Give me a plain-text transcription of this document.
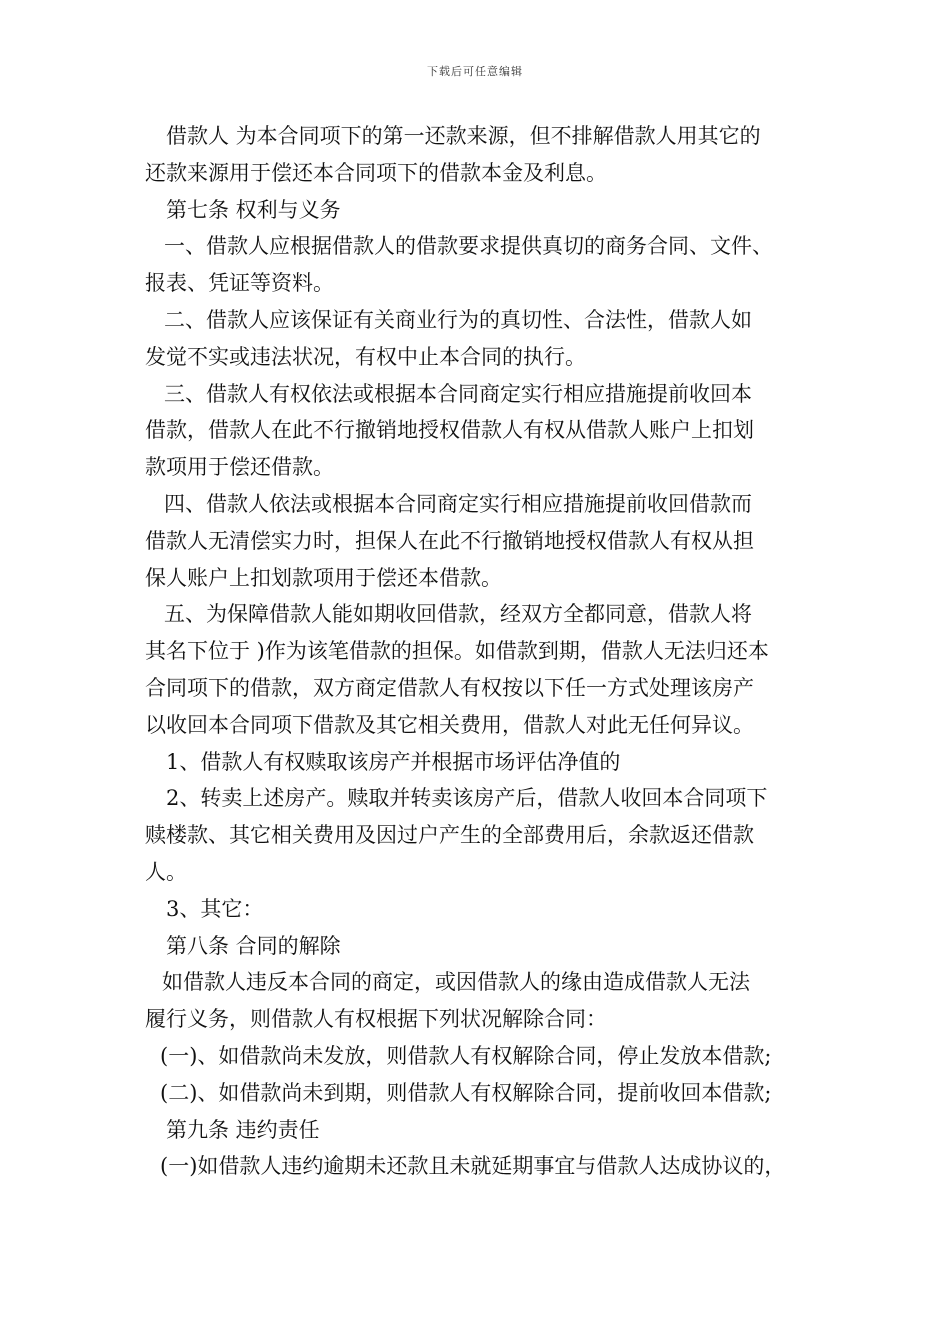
下载后可任意编辑
借款人 为本合同项下的第一还款来源，但不排解借款人用其它的
还款来源用于偿还本合同项下的借款本金及利息。
第七条 权利与义务
一、借款人应根据借款人的借款要求提供真切的商务合同、文件、
报表、凭证等资料。
二、借款人应该保证有关商业行为的真切性、合法性，借款人如
发觉不实或违法状况，有权中止本合同的执行。
三、借款人有权依法或根据本合同商定实行相应措施提前收回本
借款，借款人在此不行撤销地授权借款人有权从借款人账户上扣划
款项用于偿还借款。
四、借款人依法或根据本合同商定实行相应措施提前收回借款而
借款人无清偿实力时，担保人在此不行撤销地授权借款人有权从担
保人账户上扣划款项用于偿还本借款。
五、为保障借款人能如期收回借款，经双方全都同意，借款人将
其名下位于 )作为该笔借款的担保。如借款到期，借款人无法归还本
合同项下的借款，双方商定借款人有权按以下任一方式处理该房产
以收回本合同项下借款及其它相关费用，借款人对此无任何异议。
1、借款人有权赎取该房产并根据市场评估净值的
2、转卖上述房产。赎取并转卖该房产后，借款人收回本合同项下
赎楼款、其它相关费用及因过户产生的全部费用后，余款返还借款
人。
3、其它：
第八条 合同的解除
如借款人违反本合同的商定，或因借款人的缘由造成借款人无法
履行义务，则借款人有权根据下列状况解除合同：
(一)、如借款尚未发放，则借款人有权解除合同，停止发放本借款;
(二)、如借款尚未到期，则借款人有权解除合同，提前收回本借款;
第九条 违约责任
(一)如借款人违约逾期未还款且未就延期事宜与借款人达成协议的，
